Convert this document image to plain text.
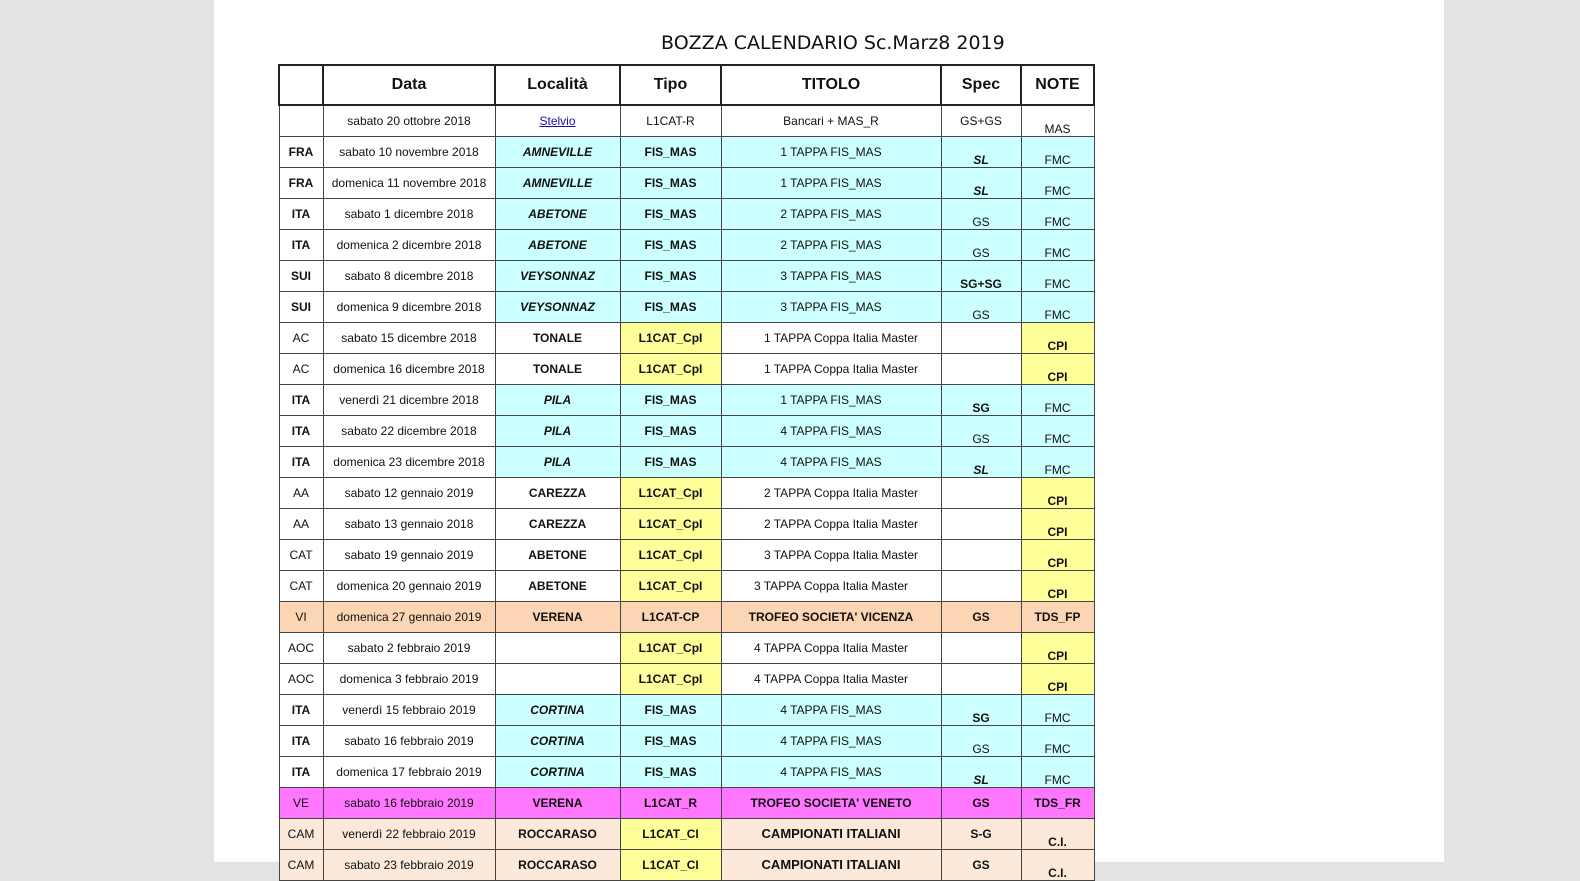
BOZZA CALENDARIO Sc.Marz8 2019
	Data	Località	Tipo	TITOLO	Spec	NOTE
	sabato 20 ottobre 2018	Stelvio	L1CAT-R	Bancari + MAS_R	GS+GS	MAS
FRA	sabato 10 novembre 2018	AMNEVILLE	FIS_MAS	1 TAPPA FIS_MAS	SL	FMC
FRA	domenica 11 novembre 2018	AMNEVILLE	FIS_MAS	1 TAPPA FIS_MAS	SL	FMC
ITA	sabato 1 dicembre 2018	ABETONE	FIS_MAS	2 TAPPA FIS_MAS	GS	FMC
ITA	domenica 2 dicembre 2018	ABETONE	FIS_MAS	2 TAPPA FIS_MAS	GS	FMC
SUI	sabato 8 dicembre 2018	VEYSONNAZ	FIS_MAS	3 TAPPA FIS_MAS	SG+SG	FMC
SUI	domenica 9 dicembre 2018	VEYSONNAZ	FIS_MAS	3 TAPPA FIS_MAS	GS	FMC
AC	sabato 15 dicembre 2018	TONALE	L1CAT_CpI	1 TAPPA Coppa Italia Master		CPI
AC	domenica 16 dicembre 2018	TONALE	L1CAT_CpI	1 TAPPA Coppa Italia Master		CPI
ITA	venerdì 21 dicembre 2018	PILA	FIS_MAS	1 TAPPA FIS_MAS	SG	FMC
ITA	sabato 22 dicembre 2018	PILA	FIS_MAS	4 TAPPA FIS_MAS	GS	FMC
ITA	domenica 23 dicembre 2018	PILA	FIS_MAS	4 TAPPA FIS_MAS	SL	FMC
AA	sabato 12 gennaio 2019	CAREZZA	L1CAT_CpI	2 TAPPA Coppa Italia Master		CPI
AA	sabato 13 gennaio 2018	CAREZZA	L1CAT_CpI	2 TAPPA Coppa Italia Master		CPI
CAT	sabato 19 gennaio 2019	ABETONE	L1CAT_CpI	3 TAPPA Coppa Italia Master		CPI
CAT	domenica 20 gennaio 2019	ABETONE	L1CAT_CpI	3 TAPPA Coppa Italia Master		CPI
VI	domenica 27 gennaio 2019	VERENA	L1CAT-CP	TROFEO SOCIETA' VICENZA	GS	TDS_FP
AOC	sabato 2 febbraio 2019		L1CAT_CpI	4 TAPPA Coppa Italia Master		CPI
AOC	domenica 3 febbraio 2019		L1CAT_CpI	4 TAPPA Coppa Italia Master		CPI
ITA	venerdì 15 febbraio 2019	CORTINA	FIS_MAS	4 TAPPA FIS_MAS	SG	FMC
ITA	sabato 16 febbraio 2019	CORTINA	FIS_MAS	4 TAPPA FIS_MAS	GS	FMC
ITA	domenica 17 febbraio 2019	CORTINA	FIS_MAS	4 TAPPA FIS_MAS	SL	FMC
VE	sabato 16 febbraio 2019	VERENA	L1CAT_R	TROFEO SOCIETA' VENETO	GS	TDS_FR
CAM	venerdì 22 febbraio 2019	ROCCARASO	L1CAT_CI	CAMPIONATI ITALIANI	S-G	C.I.
CAM	sabato 23 febbraio 2019	ROCCARASO	L1CAT_CI	CAMPIONATI ITALIANI	GS	C.I.
